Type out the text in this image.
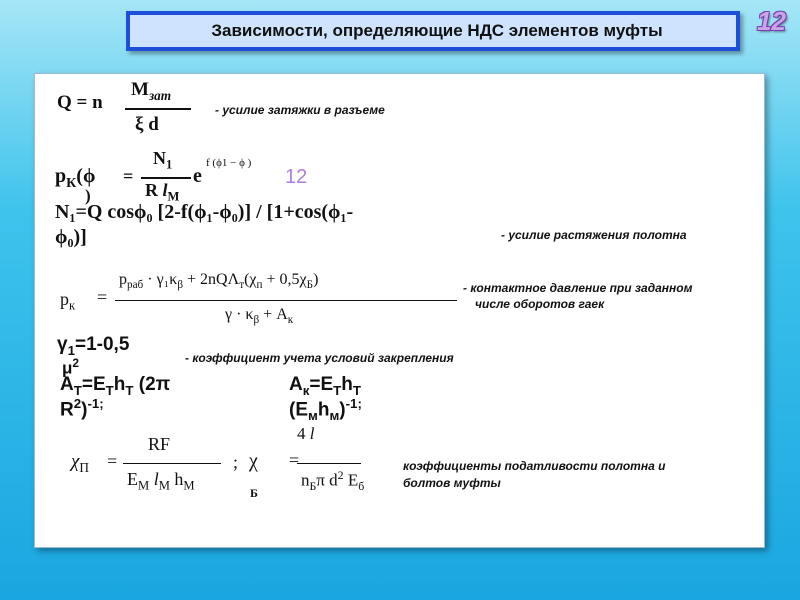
Зависимости, определяющие НДС элементов муфты	12
Q = n
$M_{зат}$
ξ d
- усилие затяжки в разъеме
$p_К(\phi$
)
=
$N_1$
R $l_M$
e
f (ϕ1 − ϕ )
12
N₁=Q cosϕ₀ [2-f(ϕ₁-ϕ₀)] / [1+cos(ϕ₁-
ϕ₀)]	- усилие растяжения полотна
$p_к$ =
$p_{раб} \cdot \gamma_1\kappa_\beta + 2nQ\Lambda_т(\chi_п + 0,5\chi_Б)$
$\gamma \cdot \kappa_\beta + A_к$
- контактное давление при заданном
числе оборотов гаек
$\gamma_1=1-0,5$
$\mu^2$	- коэффициент учета условий закрепления
$A_T=E_Th_T$ (2π
$R^2)^{-1;}$
$A_к=E_Th_T$
$(E_мh_м)^{-1;}$
$\chi_П$ =
RF
$E_M$ $l_M$ $h_M$
; χ
Б
=
4 l
$n_Б\pi$ $d^2$ $E_б$
коэффициенты податливости полотна и
болтов муфты
